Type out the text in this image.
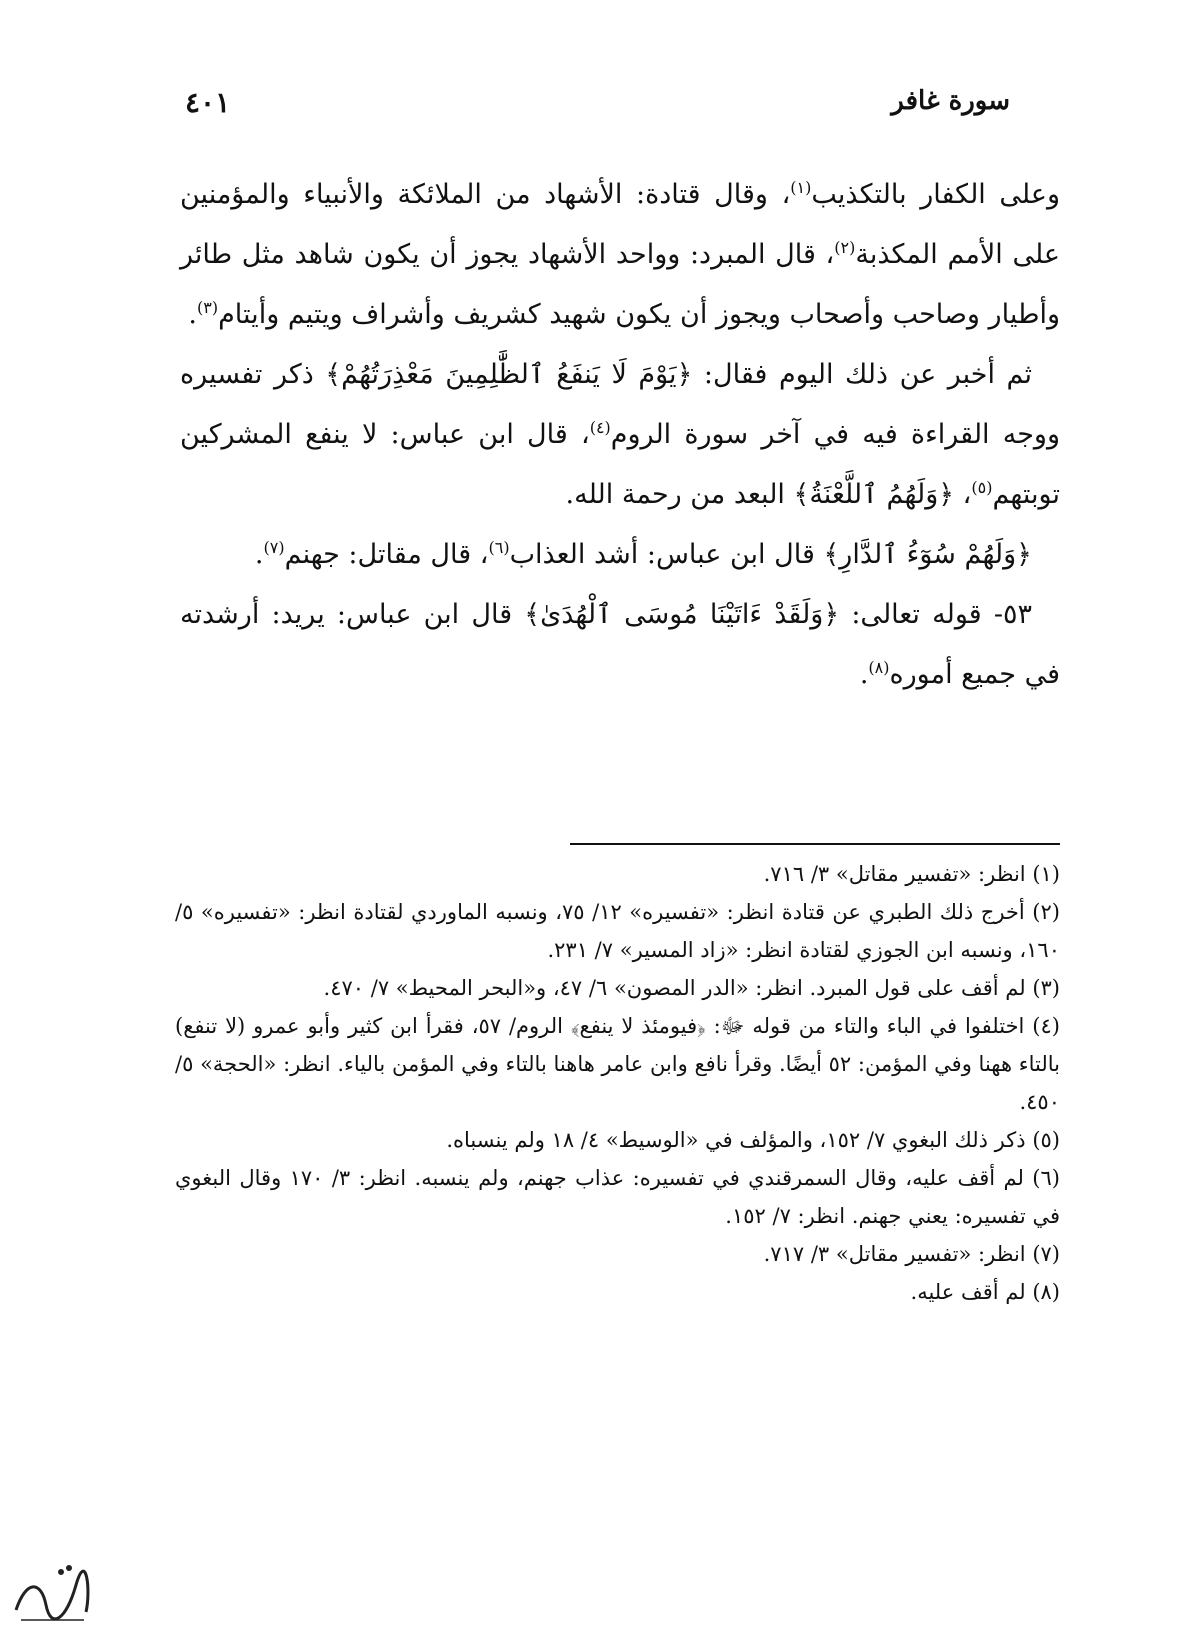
سورة غافر
٤٠١

وعلى الكفار بالتكذيب$^{(١)}$، وقال قتادة: الأشهاد من الملائكة والأنبياء والمؤمنين على الأمم المكذبة$^{(٢)}$، قال المبرد: وواحد الأشهاد يجوز أن يكون شاهد مثل طائر وأطيار وصاحب وأصحاب ويجوز أن يكون شهيد كشريف وأشراف ويتيم وأيتام$^{(٣)}$.

ثم أخبر عن ذلك اليوم فقال: ﴿يَوْمَ لَا يَنفَعُ ٱلظَّٰلِمِينَ مَعْذِرَتُهُمْ﴾ ذكر تفسيره ووجه القراءة فيه في آخر سورة الروم$^{(٤)}$، قال ابن عباس: لا ينفع المشركين توبتهم$^{(٥)}$، ﴿وَلَهُمُ ٱللَّعْنَةُ﴾ البعد من رحمة الله.

﴿وَلَهُمْ سُوٓءُ ٱلدَّارِ﴾ قال ابن عباس: أشد العذاب$^{(٦)}$، قال مقاتل: جهنم$^{(٧)}$.

٥٣- قوله تعالى: ﴿وَلَقَدْ ءَاتَيْنَا مُوسَى ٱلْهُدَىٰ﴾ قال ابن عباس: يريد: أرشدته في جميع أموره$^{(٨)}$.

(١) انظر: «تفسير مقاتل» ٣/ ٧١٦.

(٢) أخرج ذلك الطبري عن قتادة انظر: «تفسيره» ١٢/ ٧٥، ونسبه الماوردي لقتادة انظر: «تفسيره» ٥/ ١٦٠، ونسبه ابن الجوزي لقتادة انظر: «زاد المسير» ٧/ ٢٣١.

(٣) لم أقف على قول المبرد. انظر: «الدر المصون» ٦/ ٤٧، و«البحر المحيط» ٧/ ٤٧٠.

(٤) اختلفوا في الباء والتاء من قوله ﷻ: ﴿فيومئذ لا ينفع﴾ الروم/ ٥٧، فقرأ ابن كثير وأبو عمرو (لا تنفع) بالتاء ههنا وفي المؤمن: ٥٢ أيضًا. وقرأ نافع وابن عامر هاهنا بالتاء وفي المؤمن بالياء. انظر: «الحجة» ٥/ ٤٥٠.

(٥) ذكر ذلك البغوي ٧/ ١٥٢، والمؤلف في «الوسيط» ٤/ ١٨ ولم ينسباه.

(٦) لم أقف عليه، وقال السمرقندي في تفسيره: عذاب جهنم، ولم ينسبه. انظر: ٣/ ١٧٠ وقال البغوي في تفسيره: يعني جهنم. انظر: ٧/ ١٥٢.

(٧) انظر: «تفسير مقاتل» ٣/ ٧١٧.

(٨) لم أقف عليه.
